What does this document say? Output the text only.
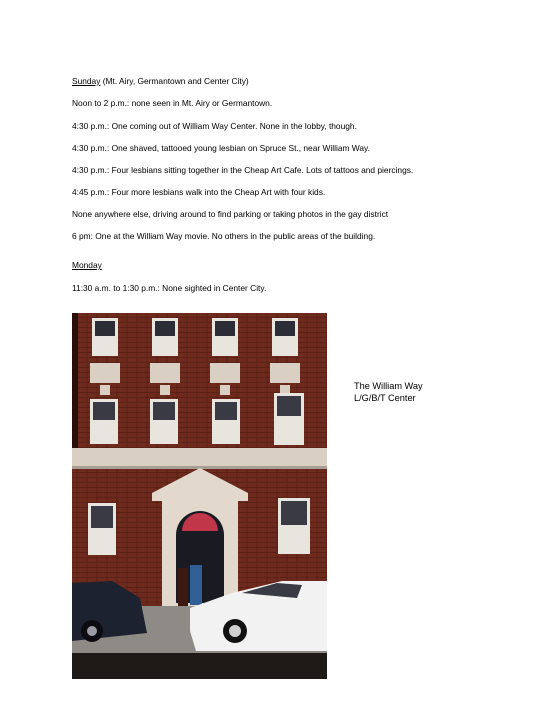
Sunday (Mt. Airy, Germantown and Center City)
Noon to 2 p.m.: none seen in Mt. Airy or Germantown.
4:30 p.m.: One coming out of William Way Center. None in the lobby, though.
4:30 p.m.: One shaved, tattooed young lesbian on Spruce St., near William Way.
4:30 p.m.: Four lesbians sitting together in the Cheap Art Cafe. Lots of tattoos and piercings.
4:45 p.m.: Four more lesbians walk into the Cheap Art with four kids.
None anywhere else, driving around to find parking or taking photos in the gay district
6 pm: One at the William Way movie. No others in the public areas of the building.
Monday
11:30 a.m. to 1:30 p.m.: None sighted in Center City.
The William Way L/G/B/T Center
